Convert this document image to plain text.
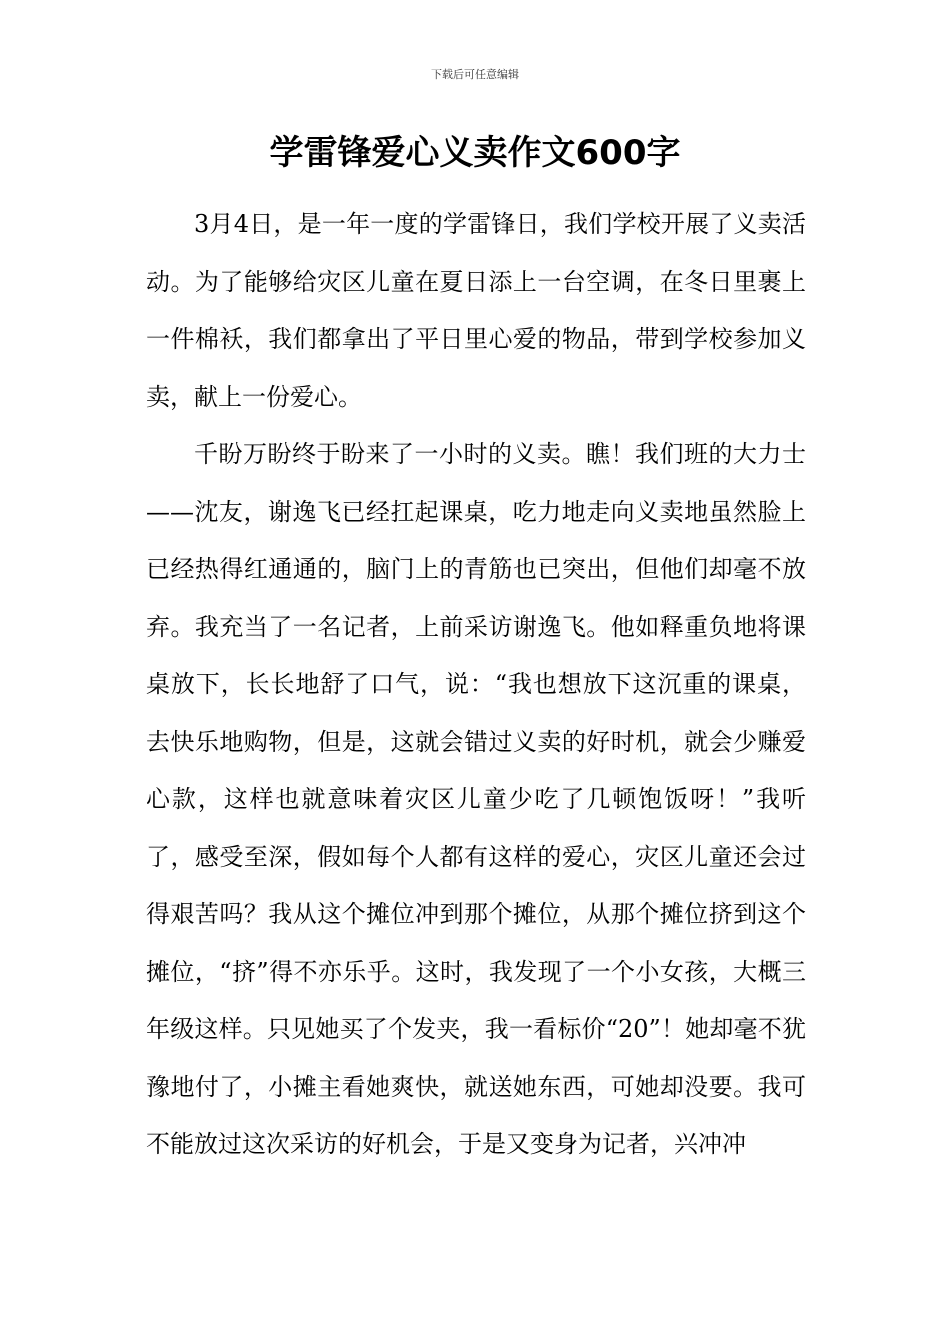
下载后可任意编辑
学雷锋爱心义卖作文600字

3月4日，是一年一度的学雷锋日，我们学校开展了义卖活动。为了能够给灾区儿童在夏日添上一台空调，在冬日里裹上一件棉袄，我们都拿出了平日里心爱的物品，带到学校参加义卖，献上一份爱心。

千盼万盼终于盼来了一小时的义卖。瞧！我们班的大力士——沈友，谢逸飞已经扛起课桌，吃力地走向义卖地虽然脸上已经热得红通通的，脑门上的青筋也已突出，但他们却毫不放弃。我充当了一名记者，上前采访谢逸飞。他如释重负地将课桌放下，长长地舒了口气，说：“我也想放下这沉重的课桌，去快乐地购物，但是，这就会错过义卖的好时机，就会少赚爱心款，这样也就意味着灾区儿童少吃了几顿饱饭呀！”我听了，感受至深，假如每个人都有这样的爱心，灾区儿童还会过得艰苦吗？我从这个摊位冲到那个摊位，从那个摊位挤到这个摊位，“挤”得不亦乐乎。这时，我发现了一个小女孩，大概三年级这样。只见她买了个发夹，我一看标价“20”！她却毫不犹豫地付了，小摊主看她爽快，就送她东西，可她却没要。我可不能放过这次采访的好机会，于是又变身为记者，兴冲冲
